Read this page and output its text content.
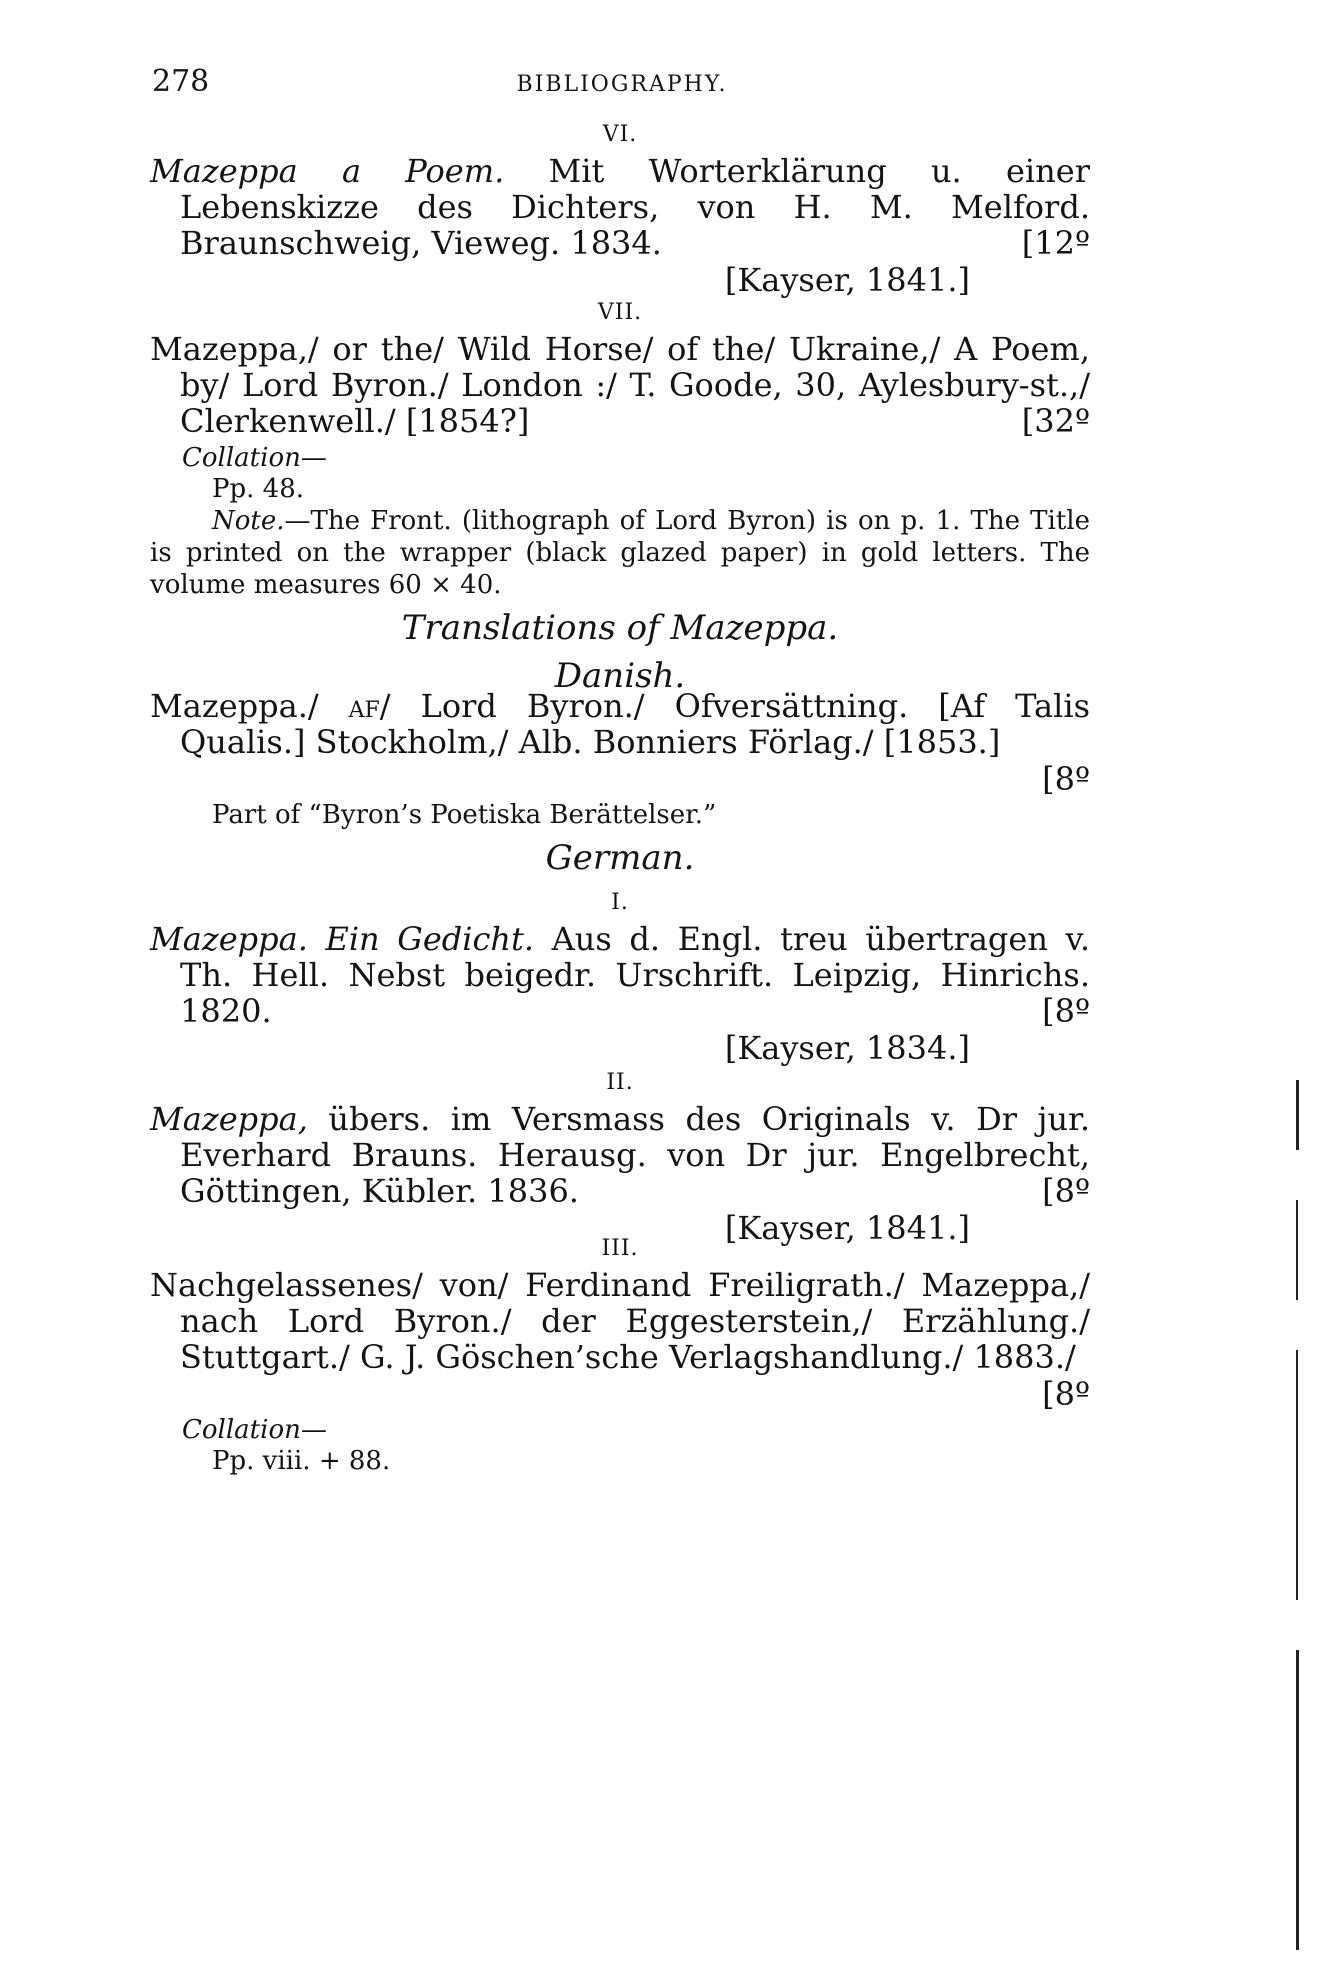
278	BIBLIOGRAPHY.
VI.
Mazeppa a Poem. Mit Worterklärung u. einer Lebenskizze des Dichters, von H. M. Melford. Braunschweig, Vieweg. 1834.	[12º
[Kayser, 1841.]
VII.
Mazeppa,/ or the/ Wild Horse/ of the/ Ukraine,/ A Poem, by/ Lord Byron./ London :/ T. Goode, 30, Aylesbury-st.,/ Clerkenwell./ [1854?]	[32º
Collation—
Pp. 48.
Note.—The Front. (lithograph of Lord Byron) is on p. 1. The Title is printed on the wrapper (black glazed paper) in gold letters. The volume measures 60 × 40.
Translations of Mazeppa.
Danish.
Mazeppa./ af/ Lord Byron./ Ofversättning. [Af Talis Qualis.] Stockholm,/ Alb. Bonniers Förlag./ [1853.]
[8º
Part of “Byron’s Poetiska Berättelser.”
German.
I.
Mazeppa. Ein Gedicht. Aus d. Engl. treu übertragen v. Th. Hell. Nebst beigedr. Urschrift. Leipzig, Hinrichs. 1820.	[8º
[Kayser, 1834.]
II.
Mazeppa, übers. im Versmass des Originals v. Dr jur. Everhard Brauns. Herausg. von Dr jur. Engelbrecht, Göttingen, Kübler. 1836.	[8º
[Kayser, 1841.]
III.
Nachgelassenes/ von/ Ferdinand Freiligrath./ Mazeppa,/ nach Lord Byron./ der Eggesterstein,/ Erzählung./ Stuttgart./ G. J. Göschen’sche Verlagshandlung./ 1883./
[8º
Collation—
Pp. viii. + 88.
